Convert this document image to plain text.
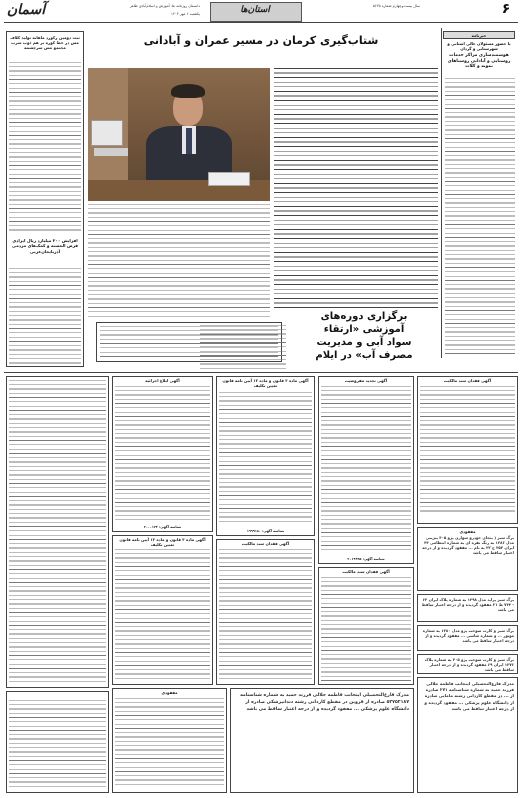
آسمان	دانستان روزنامه ها، آموزش و اسلام‌آبادی طاهر	سال بیست‌وچهارم شماره ۵۶۲۵
یکشنبه ۶ مهر ۱۴۰۴	استان‌ها	۶
خبرنامه
با حضور مسئولان عالی استانی و شهرستانی و گردان
هوشمندسازی مراکز خدمات روستایی و آبادانی روستاهای نمونه و کلات
شتاب‌گیری کرمان در مسیر عمران و آبادانی
برگزاری دوره‌های
آموزشی «ارتقاء
سواد آبی و مدیریت
مصرف آب» در ایلام
ثبت دومین رکورد ماهانه تولید کلاف مس در خط کوره تر هم ذوب سرب مجتمع مس سرچشمه
افزایش ۲۰۰ میلیارد ریال ایرادی قرض الحسنه و کمک‌های مردمی آذربایجان‌غربی
آگهی فقدان سند مالکیت
مفقودی
برگ سبز ( بنجای خودرو سواری پژو ۴۰۵ بنزینی مدل ۱۳۸۶ به رنگ نقره ای به شماره انتظامی ۴۴ ایران ۴۵۴ ج ۳۲ به نام ... مفقود گردیده و از درجه اعتبار ساقط می باشد
برگ سبز پراید مدل ۱۳۹۸ به شماره پلاک ایران ۶۳ - ۷۴۴ ط ۲۱ مفقود گردیده و از درجه اعتبار ساقط می باشد
برگ سبز و کارت سوخت پژو مدل ۱۳۸۰ به شماره موتور ... و شماره شاسی ... مفقود گردیده و از درجه اعتبار ساقط می باشد
برگ سبز و کارت سوخت پژو ۴۰۵ به شماره پلاک ۱۳۷۶ ایران ۶۹ مفقود گردیده و از درجه اعتبار ساقط می باشد
مدرک فارغ‌التحصیلی اینجانب فاطمه جلالی فرزند حمید به شماره شناسنامه ۲۷۱ صادره از ... در مقطع کاردانی رشته مامایی صادره از دانشگاه علوم پزشکی ... مفقود گردیده و از درجه اعتبار ساقط می باشد
آگهی تجدید مفروضیت
شناسه آگهی: ۲۰۱۹۹۹۵
آگهی فقدان سند مالکیت
مدرک فارغ‌التحصیلی اینجانب فاطمه جلالی فرزند حمید به شماره شناسنامه ۵۲۷۵۲۱۸۷ صادره از قزوین در مقطع کاردانی رشته دندانپزشکی صادره از دانشگاه علوم پزشکی ... مفقود گردیده و از درجه اعتبار ساقط می باشد
آگهی ماده ۳ قانون و ماده ۱۳ آیین نامه قانون تعیین تکلیف
شناسه آگهی: ۱۹۹۹۱۸۰
آگهی فقدان سند مالکیت
آگهی ابلاغ اجرائیه
شناسه آگهی: ۲۰۰۰۱۲۳
آگهی ماده ۳ قانون و ماده ۱۳ آیین نامه قانون تعیین تکلیف
مفقودی
